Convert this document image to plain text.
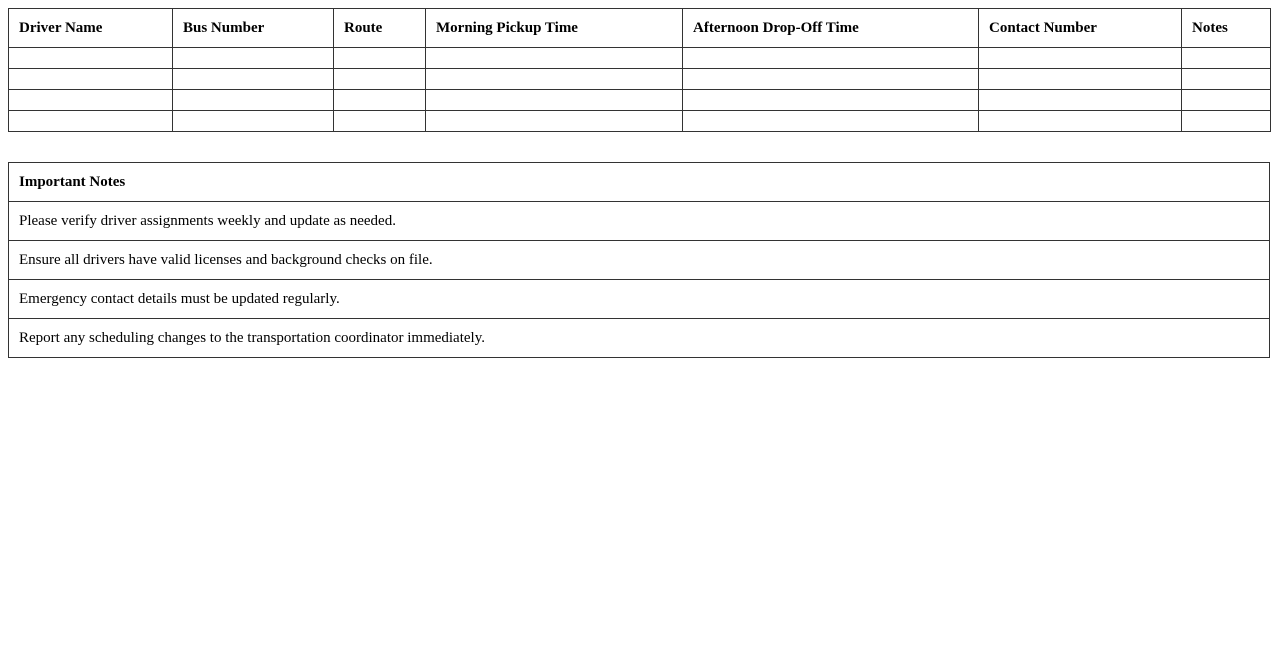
Driver Name	Bus Number	Route	Morning Pickup Time	Afternoon Drop-Off Time	Contact Number	Notes

Important Notes
Please verify driver assignments weekly and update as needed.
Ensure all drivers have valid licenses and background checks on file.
Emergency contact details must be updated regularly.
Report any scheduling changes to the transportation coordinator immediately.
